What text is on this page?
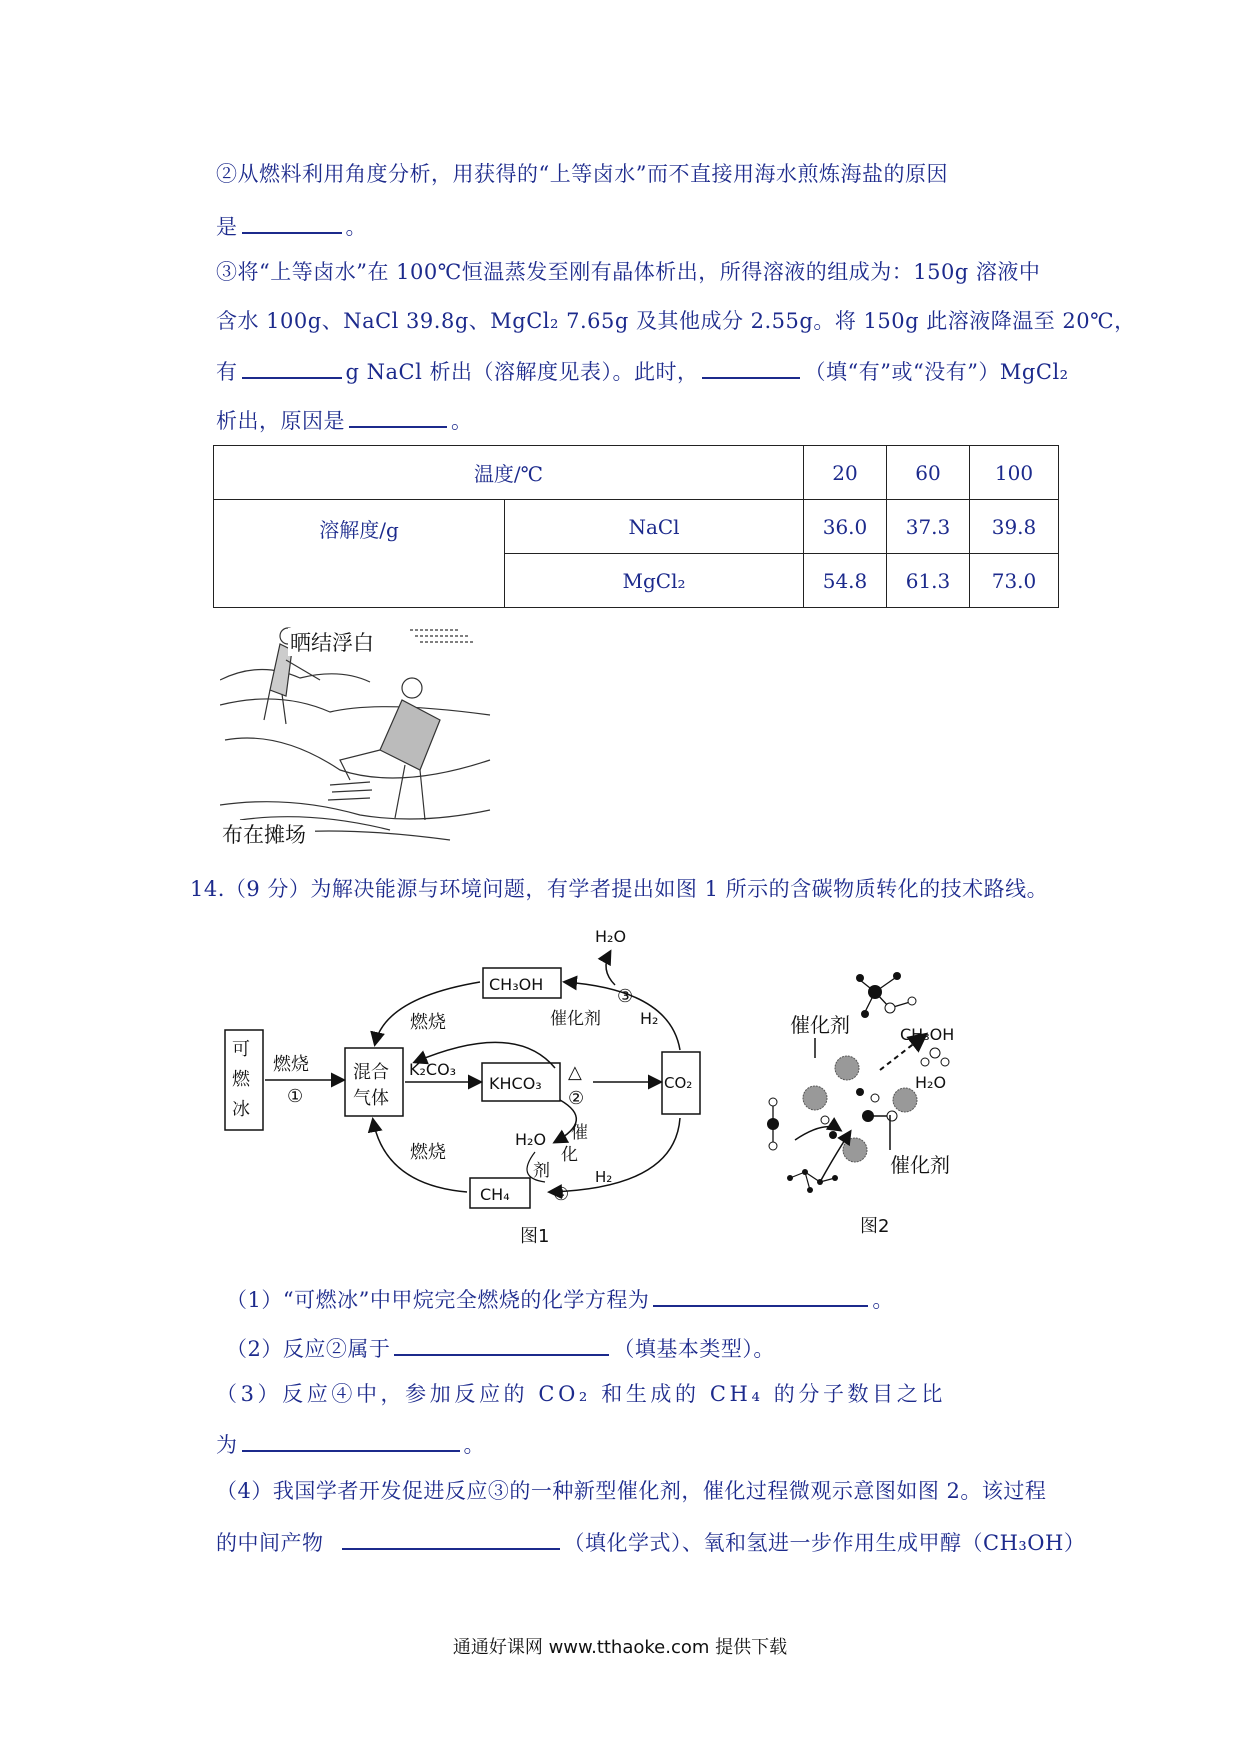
②从燃料利用角度分析，用获得的“上等卤水”而不直接用海水煎炼海盐的原因
是	。
③将“上等卤水”在 100℃恒温蒸发至刚有晶体析出，所得溶液的组成为：150g 溶液中
含水 100g、NaCl 39.8g、MgCl₂ 7.65g 及其他成分 2.55g。将 150g 此溶液降温至 20℃，
有	g NaCl 析出（溶解度见表）。此时，	（填“有”或“没有”）MgCl₂
析出，原因是	。
温度/℃		20	60	100
溶解度/g	NaCl	36.0	37.3	39.8
	MgCl₂	54.8	61.3	73.0
晒结浮白
布在摊场
14.（9 分）为解决能源与环境问题，有学者提出如图 1 所示的含碳物质转化的技术路线。
可
燃
冰
燃烧
①
混合
气体
K₂CO₃
KHCO₃
△
②
CO₂
CH₃OH
燃烧
H₂O
③
催化剂 H₂
CH₄
燃烧
H₂O
剂
化
催
H₂
④
图1
催化剂	CH₃OH
H₂O
催化剂
图2
（1）“可燃冰”中甲烷完全燃烧的化学方程为	。
（2）反应②属于	（填基本类型）。
（3）反应④中，参加反应的 CO₂ 和生成的 CH₄ 的分子数目之比
为	。
（4）我国学者开发促进反应③的一种新型催化剂，催化过程微观示意图如图 2。该过程
的中间产物	（填化学式）、氧和氢进一步作用生成甲醇（CH₃OH）
通通好课网 www.tthaoke.com 提供下载
